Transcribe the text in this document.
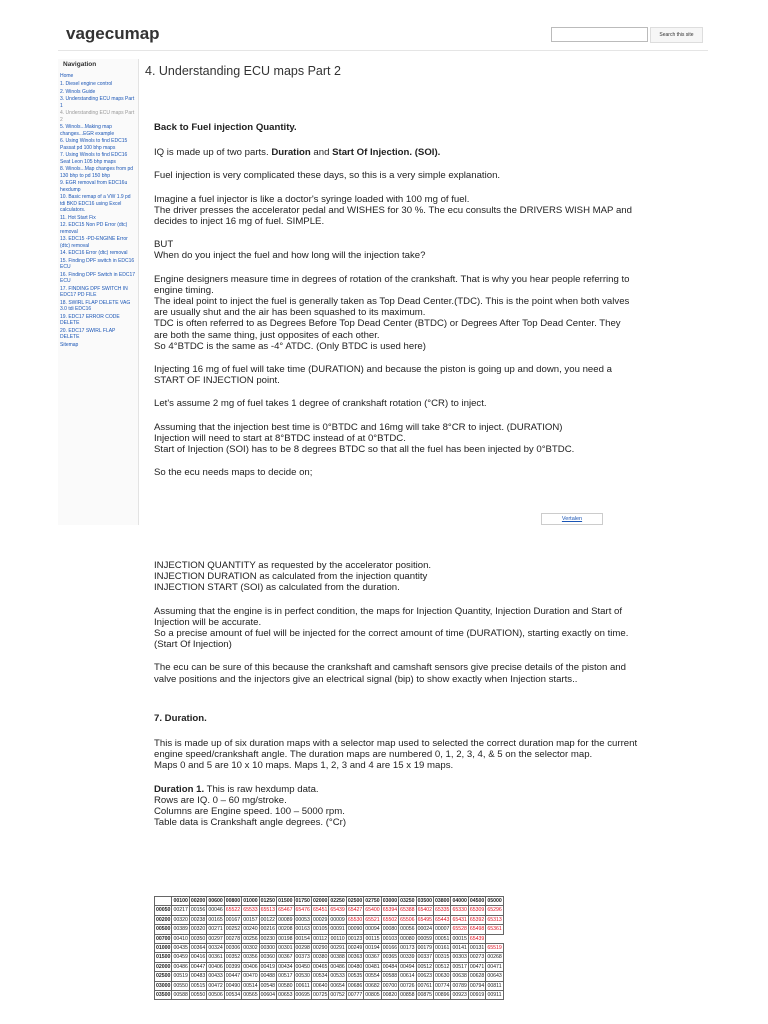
vagecumap	Search this site
Navigation
Home
1. Diesel engine control
2. Winols Guide
3. Understanding ECU maps Part 1
4. Understanding ECU maps Part 2
5. Winols...Making map changes...EGR example
6. Using Winols to find EDC15 Passat pd 100 bhp maps
7. Using Winols to find EDC16 Seat Leon 105 bhp maps
8. Winols...Map changes from pd 130 bhp to pd 150 bhp
9. EGR removal from EDC16u hexdump
10. Basic remap of a VW 1.9 pd tdi BKD EDC16 using Excel calculators.
11. Hot Start Fix
12. EDC15 Non PD Error (dtc) removal
13. EDC15 -PD-ENGINE Error (dtc) removal
14. EDC16 Error (dtc) removal
15. Finding DPF switch in EDC16 ECU
16. Finding DPF Switch in EDC17 ECU
17. FINDING DPF SWITCH IN EDC17 PD FILE
18. SWIRL FLAP DELETE VAG 3.0 tdi EDC16
19. EDC17 ERROR CODE DELETE
20. EDC17 SWIRL FLAP DELETE
Sitemap
4. Understanding ECU maps Part 2

Back to Fuel injection Quantity.

IQ is made up of two parts. Duration and Start Of Injection. (SOI).

Fuel injection is very complicated these days, so this is a very simple explanation.

Imagine a fuel injector is like a doctor's syringe loaded with 100 mg of fuel.
The driver presses the accelerator pedal and WISHES for 30 %. The ecu consults the DRIVERS WISH MAP and decides to inject 16 mg of fuel. SIMPLE.

BUT
When do you inject the fuel and how long will the injection take?

Engine designers measure time in degrees of rotation of the crankshaft. That is why you hear people referring to engine timing.
The ideal point to inject the fuel is generally taken as Top Dead Center.(TDC). This is the point when both valves are usually shut and the air has been squashed to its maximum.
TDC is often referred to as Degrees Before Top Dead Center (BTDC) or Degrees After Top Dead Center. They are both the same thing, just opposites of each other.
So 4°BTDC is the same as -4° ATDC. (Only BTDC is used here)

Injecting 16 mg of fuel will take time (DURATION) and because the piston is going up and down, you need a START OF INJECTION point.

Let's assume 2 mg of fuel takes 1 degree of crankshaft rotation (°CR) to inject.

Assuming that the injection best time is 0°BTDC and 16mg will take 8°CR to inject. (DURATION)
Injection will need to start at 8°BTDC instead of at 0°BTDC.
Start of Injection (SOI) has to be 8 degrees BTDC so that all the fuel has been injected by 0°BTDC.

So the ecu needs maps to decide on;

Vertalen

INJECTION QUANTITY as requested by the accelerator position.
INJECTION DURATION as calculated from the injection quantity
INJECTION START (SOI) as calculated from the duration.

Assuming that the engine is in perfect condition, the maps for Injection Quantity, Injection Duration and Start of Injection will be accurate.
So a precise amount of fuel will be injected for the correct amount of time (DURATION), starting exactly on time.(Start Of Injection)

The ecu can be sure of this because the crankshaft and camshaft sensors give precise details of the piston and valve positions and the injectors give an electrical signal (bip) to show exactly when Injection starts..

7. Duration.

This is made up of six duration maps with a selector map used to selected the correct duration map for the current engine speed/crankshaft angle. The duration maps are numbered 0, 1, 2, 3, 4, & 5 on the selector map.
Maps 0 and 5 are 10 x 10 maps. Maps 1, 2, 3 and 4 are 15 x 19 maps.

Duration 1. This is raw hexdump data.
Rows are IQ. 0 – 60 mg/stroke.
Columns are Engine speed. 100 – 5000 rpm.
Table data is Crankshaft angle degrees. (°Cr)

	00100	00200	00600	00800	01000	01250	01500	01750	02000	02250	02500	02750	03000	03250	03500	03800	04000	04500	05000
00050	00217	00156	00046	65522	65533	65513	65467	65476	65451	65439	65427	65400	65394	65388	65402	65335	65330	65309	65296
00200	00320	00238	00165	00167	00157	00122	00089	00053	00029	00009	65530	65521	65502	65506	65495	65443	65431	65392	65313
00500	00389	00320	00271	00252	00240	00216	00208	00163	00105	00091	00090	00094	00080	00056	00024	00007	65528	65498	65361
00700	00410	00350	00297	00278	00256	00230	00198	00154	00112	00110	00123	00115	00103	00080	00059	00051	00015	65439	
01000	00435	00364	00324	00306	00302	00300	00301	00298	00290	00291	00249	00194	00166	00173	00179	00161	00141	00131	65519
01500	00459	00416	00361	00352	00356	00360	00367	00373	00380	00388	00363	00367	00365	00339	00337	00315	00303	00273	00268
02000	00486	00447	00406	00399	00406	00419	00434	00450	00465	00486	00480	00481	00484	00494	00512	00512	00517	00471	00471
02500	00519	00483	00433	00447	00470	00488	00517	00530	00534	00533	00535	00554	00588	00614	00623	00630	00638	00628	00643
03000	00550	00515	00472	00490	00514	00548	00580	00611	00640	00654	00686	00682	00700	00726	00761	00774	00789	00794	00811
03500	00588	00550	00506	00534	00565	00604	00653	00695	00725	00752	00777	00805	00820	00858	00875	00896	00923	00919	00911
